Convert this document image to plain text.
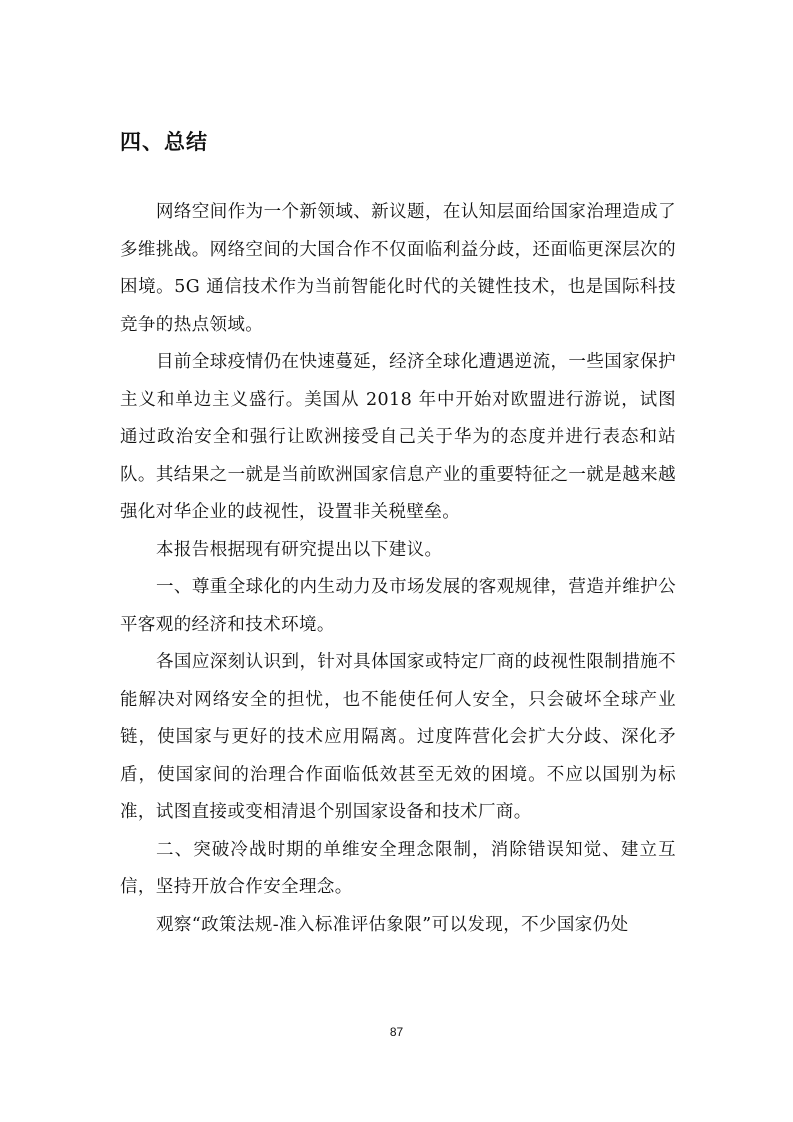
四、总结

网络空间作为一个新领域、新议题，在认知层面给国家治理造成了多维挑战。网络空间的大国合作不仅面临利益分歧，还面临更深层次的困境。5G 通信技术作为当前智能化时代的关键性技术，也是国际科技竞争的热点领域。

目前全球疫情仍在快速蔓延，经济全球化遭遇逆流，一些国家保护主义和单边主义盛行。美国从 2018 年中开始对欧盟进行游说，试图通过政治安全和强行让欧洲接受自己关于华为的态度并进行表态和站队。其结果之一就是当前欧洲国家信息产业的重要特征之一就是越来越强化对华企业的歧视性，设置非关税壁垒。

本报告根据现有研究提出以下建议。

一、尊重全球化的内生动力及市场发展的客观规律，营造并维护公平客观的经济和技术环境。

各国应深刻认识到，针对具体国家或特定厂商的歧视性限制措施不能解决对网络安全的担忧，也不能使任何人安全，只会破坏全球产业链，使国家与更好的技术应用隔离。过度阵营化会扩大分歧、深化矛盾，使国家间的治理合作面临低效甚至无效的困境。不应以国别为标准，试图直接或变相清退个别国家设备和技术厂商。

二、突破冷战时期的单维安全理念限制，消除错误知觉、建立互信，坚持开放合作安全理念。

观察“政策法规-准入标准评估象限”可以发现，不少国家仍处

87
